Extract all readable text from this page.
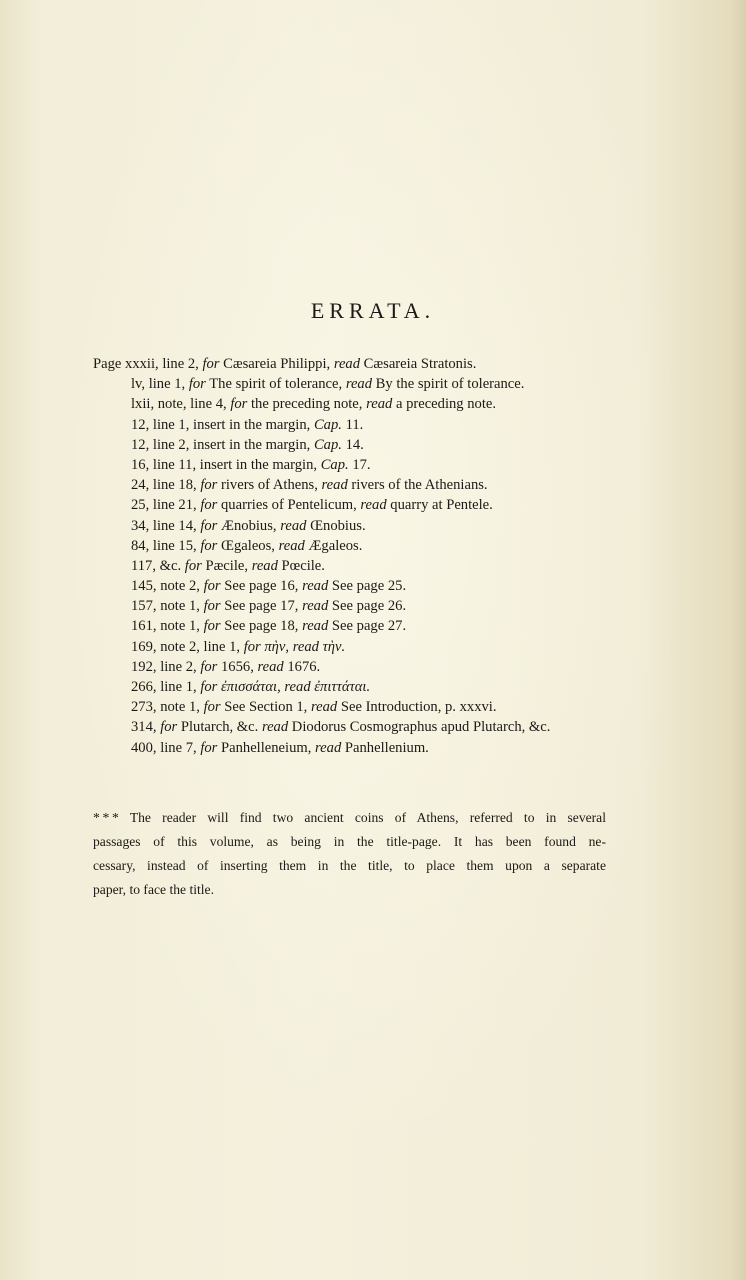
ERRATA.
Page xxxii, line 2, for Cæsareia Philippi, read Cæsareia Stratonis.
lv, line 1, for The spirit of tolerance, read By the spirit of tolerance.
lxii, note, line 4, for the preceding note, read a preceding note.
12, line 1, insert in the margin, Cap. 11.
12, line 2, insert in the margin, Cap. 14.
16, line 11, insert in the margin, Cap. 17.
24, line 18, for rivers of Athens, read rivers of the Athenians.
25, line 21, for quarries of Pentelicum, read quarry at Pentele.
34, line 14, for Ænobius, read Œnobius.
84, line 15, for Œgaleos, read Ægaleos.
117, &c. for Pæcile, read Pœcile.
145, note 2, for See page 16, read See page 25.
157, note 1, for See page 17, read See page 26.
161, note 1, for See page 18, read See page 27.
169, note 2, line 1, for πὴν, read τὴν.
192, line 2, for 1656, read 1676.
266, line 1, for ἐπισσάται, read ἐπιττάται.
273, note 1, for See Section 1, read See Introduction, p. xxxvi.
314, for Plutarch, &c. read Diodorus Cosmographus apud Plutarch, &c.
400, line 7, for Panhelleneium, read Panhellenium.
* * * The reader will find two ancient coins of Athens, referred to in several
passages of this volume, as being in the title-page. It has been found ne-
cessary, instead of inserting them in the title, to place them upon a separate
paper, to face the title.
